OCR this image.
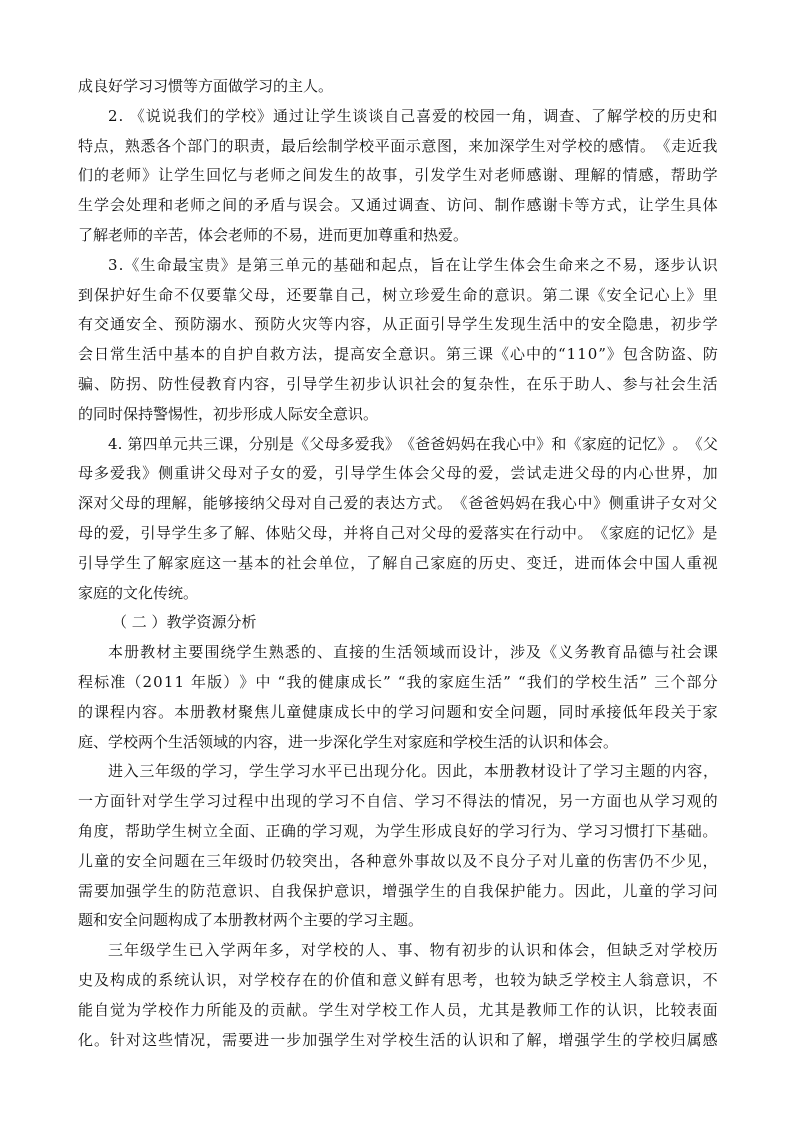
成良好学习习惯等方面做学习的主人。
2 .
《 说 说 我 们 的 学 校 》 通 过 让 学 生 谈 谈 自 己 喜 爱 的 校 园 一 角 ， 调 查 、 了 解 学 校 的 历 史 和
特 点 ， 熟 悉 各 个 部 门 的 职 责 ， 最 后 绘 制 学 校 平 面 示 意 图 ， 来 加 深 学 生 对 学 校 的 感 情 。 《 走 近 我
们 的 老 师 》 让 学 生 回 忆 与 老 师 之 间 发 生 的 故 事 ， 引 发 学 生 对 老 师 感 谢 、 理 解 的 情 感 ， 帮 助 学
生 学 会 处 理 和 老 师 之 间 的 矛 盾 与 误 会 。 又 通 过 调 查 、 访 问 、 制 作 感 谢 卡 等 方 式 ， 让 学 生 具 体
了解老师的辛苦，体会老师的不易，进而更加尊重和热爱。
3 . 《 生 命 最 宝 贵 》 是 第 三 单 元 的 基 础 和 起 点 ， 旨 在 让 学 生 体 会 生 命 来 之 不 易 ， 逐 步 认 识
到 保 护 好 生 命 不 仅 要 靠 父 母 ， 还 要 靠 自 己 ， 树 立 珍 爱 生 命 的 意 识 。 第 二 课 《 安 全 记 心 上 》 里
有 交 通 安 全 、 预 防 溺 水 、 预 防 火 灾 等 内 容 ， 从 正 面 引 导 学 生 发 现 生 活 中 的 安 全 隐 患 ， 初 步 学
会 日 常 生 活 中 基 本 的 自 护 自 救 方 法 ， 提 高 安 全 意 识 。 第 三 课 《 心 中 的 “ 1 1 0 ” 》 包 含 防 盗 、 防
骗 、 防 拐 、 防 性 侵 教 育 内 容 ， 引 导 学 生 初 步 认 识 社 会 的 复 杂 性 ， 在 乐 于 助 人 、 参 与 社 会 生 活
的同时保持警惕性，初步形成人际安全意识。
4 .
第 四 单 元 共 三 课 ， 分 别 是 《 父 母 多 爱 我 》 《 爸 爸 妈 妈 在 我 心 中 》 和 《 家 庭 的 记 忆 》 。 《 父
母 多 爱 我 》 侧 重 讲 父 母 对 子 女 的 爱 ， 引 导 学 生 体 会 父 母 的 爱 ， 尝 试 走 进 父 母 的 内 心 世 界 ， 加
深 对 父 母 的 理 解 ， 能 够 接 纳 父 母 对 自 己 爱 的 表 达 方 式 。 《 爸 爸 妈 妈 在 我 心 中 》 侧 重 讲 子 女 对 父
母 的 爱 ， 引 导 学 生 多 了 解 、 体 贴 父 母 ， 并 将 自 己 对 父 母 的 爱 落 实 在 行 动 中 。 《 家 庭 的 记 忆 》 是
引 导 学 生 了 解 家 庭 这 一 基 本 的 社 会 单 位 ， 了 解 自 己 家 庭 的 历 史 、 变 迁 ， 进 而 体 会 中 国 人 重 视
家庭的文化传统。
（ 二 ）教学资源分析
本 册 教 材 主 要 围 绕 学 生 熟 悉 的 、 直 接 的 生 活 领 域 而 设 计 ， 涉 及 《 义 务 教 育 品 德 与 社 会 课
程 标 准 （ 2 0 1 1
年 版 ） 》 中
“ 我 的 健 康 成 长 ”
“ 我 的 家 庭 生 活 ”
“ 我 们 的 学 校 生 活 ”
三 个 部 分
的 课 程 内 容 。 本 册 教 材 聚 焦 儿 童 健 康 成 长 中 的 学 习 问 题 和 安 全 问 题 ， 同 时 承 接 低 年 段 关 于 家
庭、学校两个生活领域的内容，进一步深化学生对家庭和学校生活的认识和体会。
进 入 三 年 级 的 学 习 ， 学 生 学 习 水 平 已 出 现 分 化 。 因 此 ， 本 册 教 材 设 计 了 学 习 主 题 的 内 容 ，
一 方 面 针 对 学 生 学 习 过 程 中 出 现 的 学 习 不 自 信 、 学 习 不 得 法 的 情 况 ， 另 一 方 面 也 从 学 习 观 的
角 度 ， 帮 助 学 生 树 立 全 面 、 正 确 的 学 习 观 ， 为 学 生 形 成 良 好 的 学 习 行 为 、 学 习 习 惯 打 下 基 础 。
儿 童 的 安 全 问 题 在 三 年 级 时 仍 较 突 出 ， 各 种 意 外 事 故 以 及 不 良 分 子 对 儿 童 的 伤 害 仍 不 少 见 ，
需 要 加 强 学 生 的 防 范 意 识 、 自 我 保 护 意 识 ， 增 强 学 生 的 自 我 保 护 能 力 。 因 此 ， 儿 童 的 学 习 问
题和安全问题构成了本册教材两个主要的学习主题。
三 年 级 学 生 已 入 学 两 年 多 ， 对 学 校 的 人 、 事 、 物 有 初 步 的 认 识 和 体 会 ， 但 缺 乏 对 学 校 历
史 及 构 成 的 系 统 认 识 ， 对 学 校 存 在 的 价 值 和 意 义 鲜 有 思 考 ， 也 较 为 缺 乏 学 校 主 人 翁 意 识 ， 不
能 自 觉 为 学 校 作 力 所 能 及 的 贡 献 。 学 生 对 学 校 工 作 人 员 ， 尤 其 是 教 师 工 作 的 认 识 ， 比 较 表 面
化 。 针 对 这 些 情 况 ， 需 要 进 一 步 加 强 学 生 对 学 校 生 活 的 认 识 和 了 解 ， 增 强 学 生 的 学 校 归 属 感
